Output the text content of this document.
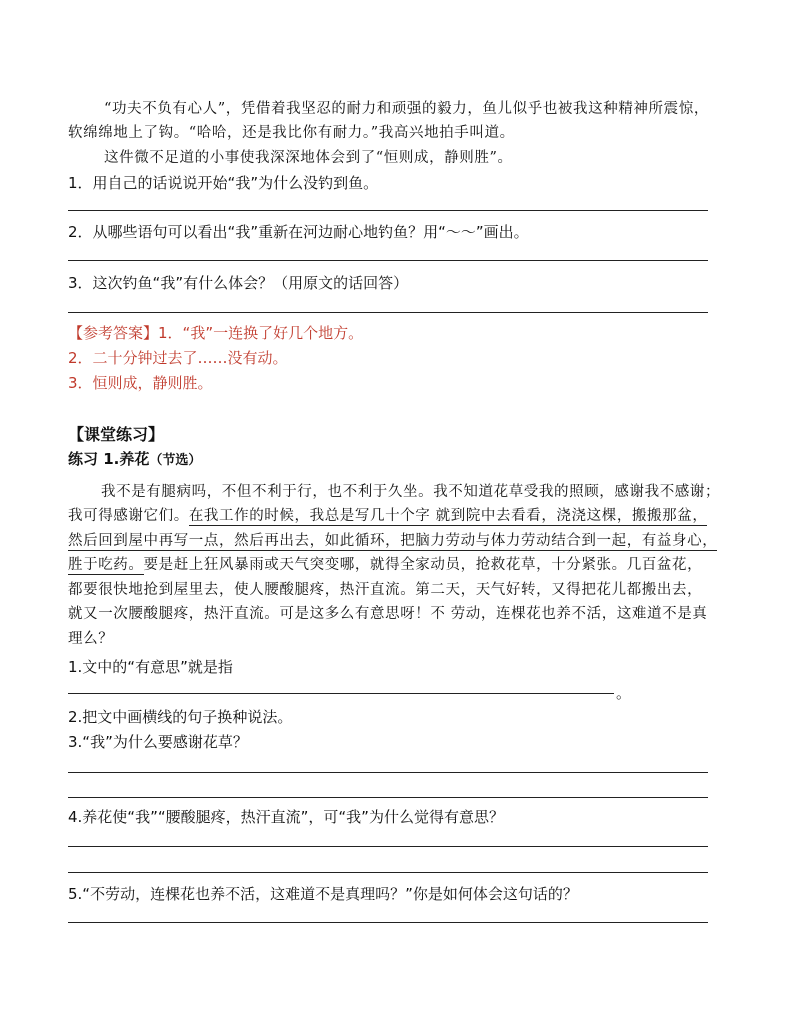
“功夫不负有心人”，凭借着我坚忍的耐力和顽强的毅力，鱼儿似乎也被我这种精神所震惊，
软绵绵地上了钩。“哈哈，还是我比你有耐力。”我高兴地拍手叫道。
这件微不足道的小事使我深深地体会到了“恒则成，静则胜”。
1．用自己的话说说开始“我”为什么没钓到鱼。
2．从哪些语句可以看出“我”重新在河边耐心地钓鱼？用“～～”画出。
3．这次钓鱼“我”有什么体会？（用原文的话回答）
【参考答案】1．“我”一连换了好几个地方。
2．二十分钟过去了……没有动。
3．恒则成，静则胜。
【课堂练习】
练习 1.养花（节选）
我不是有腿病吗，不但不利于行，也不利于久坐。我不知道花草受我的照顾，感谢我不感谢；
我可得感谢它们。在我工作的时候，我总是写几十个字 就到院中去看看，浇浇这棵，搬搬那盆，
然后回到屋中再写一点，然后再出去，如此循环，把脑力劳动与体力劳动结合到一起，有益身心，
胜于吃药。要是赶上狂风暴雨或天气突变哪，就得全家动员，抢救花草，十分紧张。几百盆花，
都要很快地抢到屋里去，使人腰酸腿疼，热汗直流。第二天，天气好转，又得把花儿都搬出去，
就又一次腰酸腿疼，热汗直流。可是这多么有意思呀！不 劳动，连棵花也养不活，这难道不是真
理么？
1.文中的“有意思”就是指
。
2.把文中画横线的句子换种说法。
3.“我”为什么要感谢花草？
4.养花使“我”“腰酸腿疼，热汗直流”，可“我”为什么觉得有意思？
5.“不劳动，连棵花也养不活，这难道不是真理吗？”你是如何体会这句话的？
